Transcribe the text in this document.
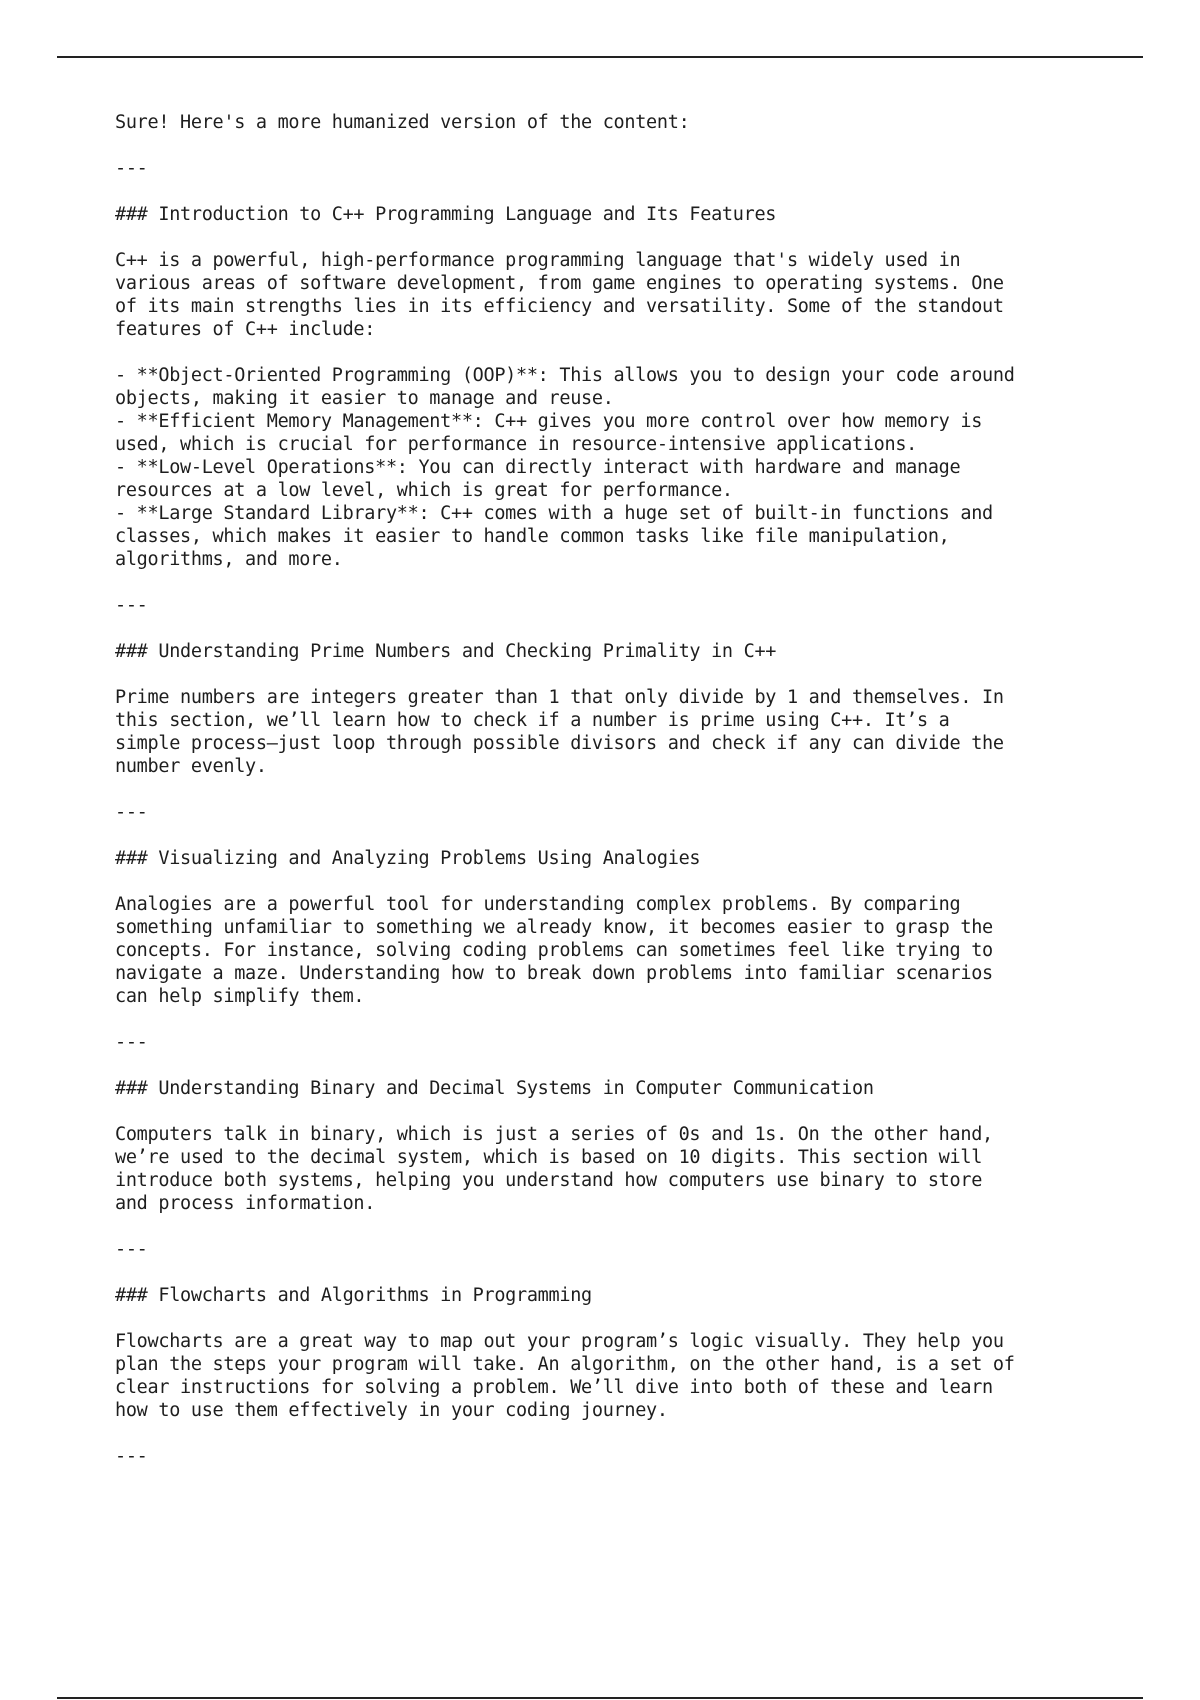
Sure! Here's a more humanized version of the content:
---
### Introduction to C++ Programming Language and Its Features
C++ is a powerful, high-performance programming language that's widely used in
various areas of software development, from game engines to operating systems. One
of its main strengths lies in its efficiency and versatility. Some of the standout
features of C++ include:
- **Object-Oriented Programming (OOP)**: This allows you to design your code around
objects, making it easier to manage and reuse.
- **Efficient Memory Management**: C++ gives you more control over how memory is
used, which is crucial for performance in resource-intensive applications.
- **Low-Level Operations**: You can directly interact with hardware and manage
resources at a low level, which is great for performance.
- **Large Standard Library**: C++ comes with a huge set of built-in functions and
classes, which makes it easier to handle common tasks like file manipulation,
algorithms, and more.
---
### Understanding Prime Numbers and Checking Primality in C++
Prime numbers are integers greater than 1 that only divide by 1 and themselves. In
this section, we’ll learn how to check if a number is prime using C++. It’s a
simple process—just loop through possible divisors and check if any can divide the
number evenly.
---
### Visualizing and Analyzing Problems Using Analogies
Analogies are a powerful tool for understanding complex problems. By comparing
something unfamiliar to something we already know, it becomes easier to grasp the
concepts. For instance, solving coding problems can sometimes feel like trying to
navigate a maze. Understanding how to break down problems into familiar scenarios
can help simplify them.
---
### Understanding Binary and Decimal Systems in Computer Communication
Computers talk in binary, which is just a series of 0s and 1s. On the other hand,
we’re used to the decimal system, which is based on 10 digits. This section will
introduce both systems, helping you understand how computers use binary to store
and process information.
---
### Flowcharts and Algorithms in Programming
Flowcharts are a great way to map out your program’s logic visually. They help you
plan the steps your program will take. An algorithm, on the other hand, is a set of
clear instructions for solving a problem. We’ll dive into both of these and learn
how to use them effectively in your coding journey.
---
